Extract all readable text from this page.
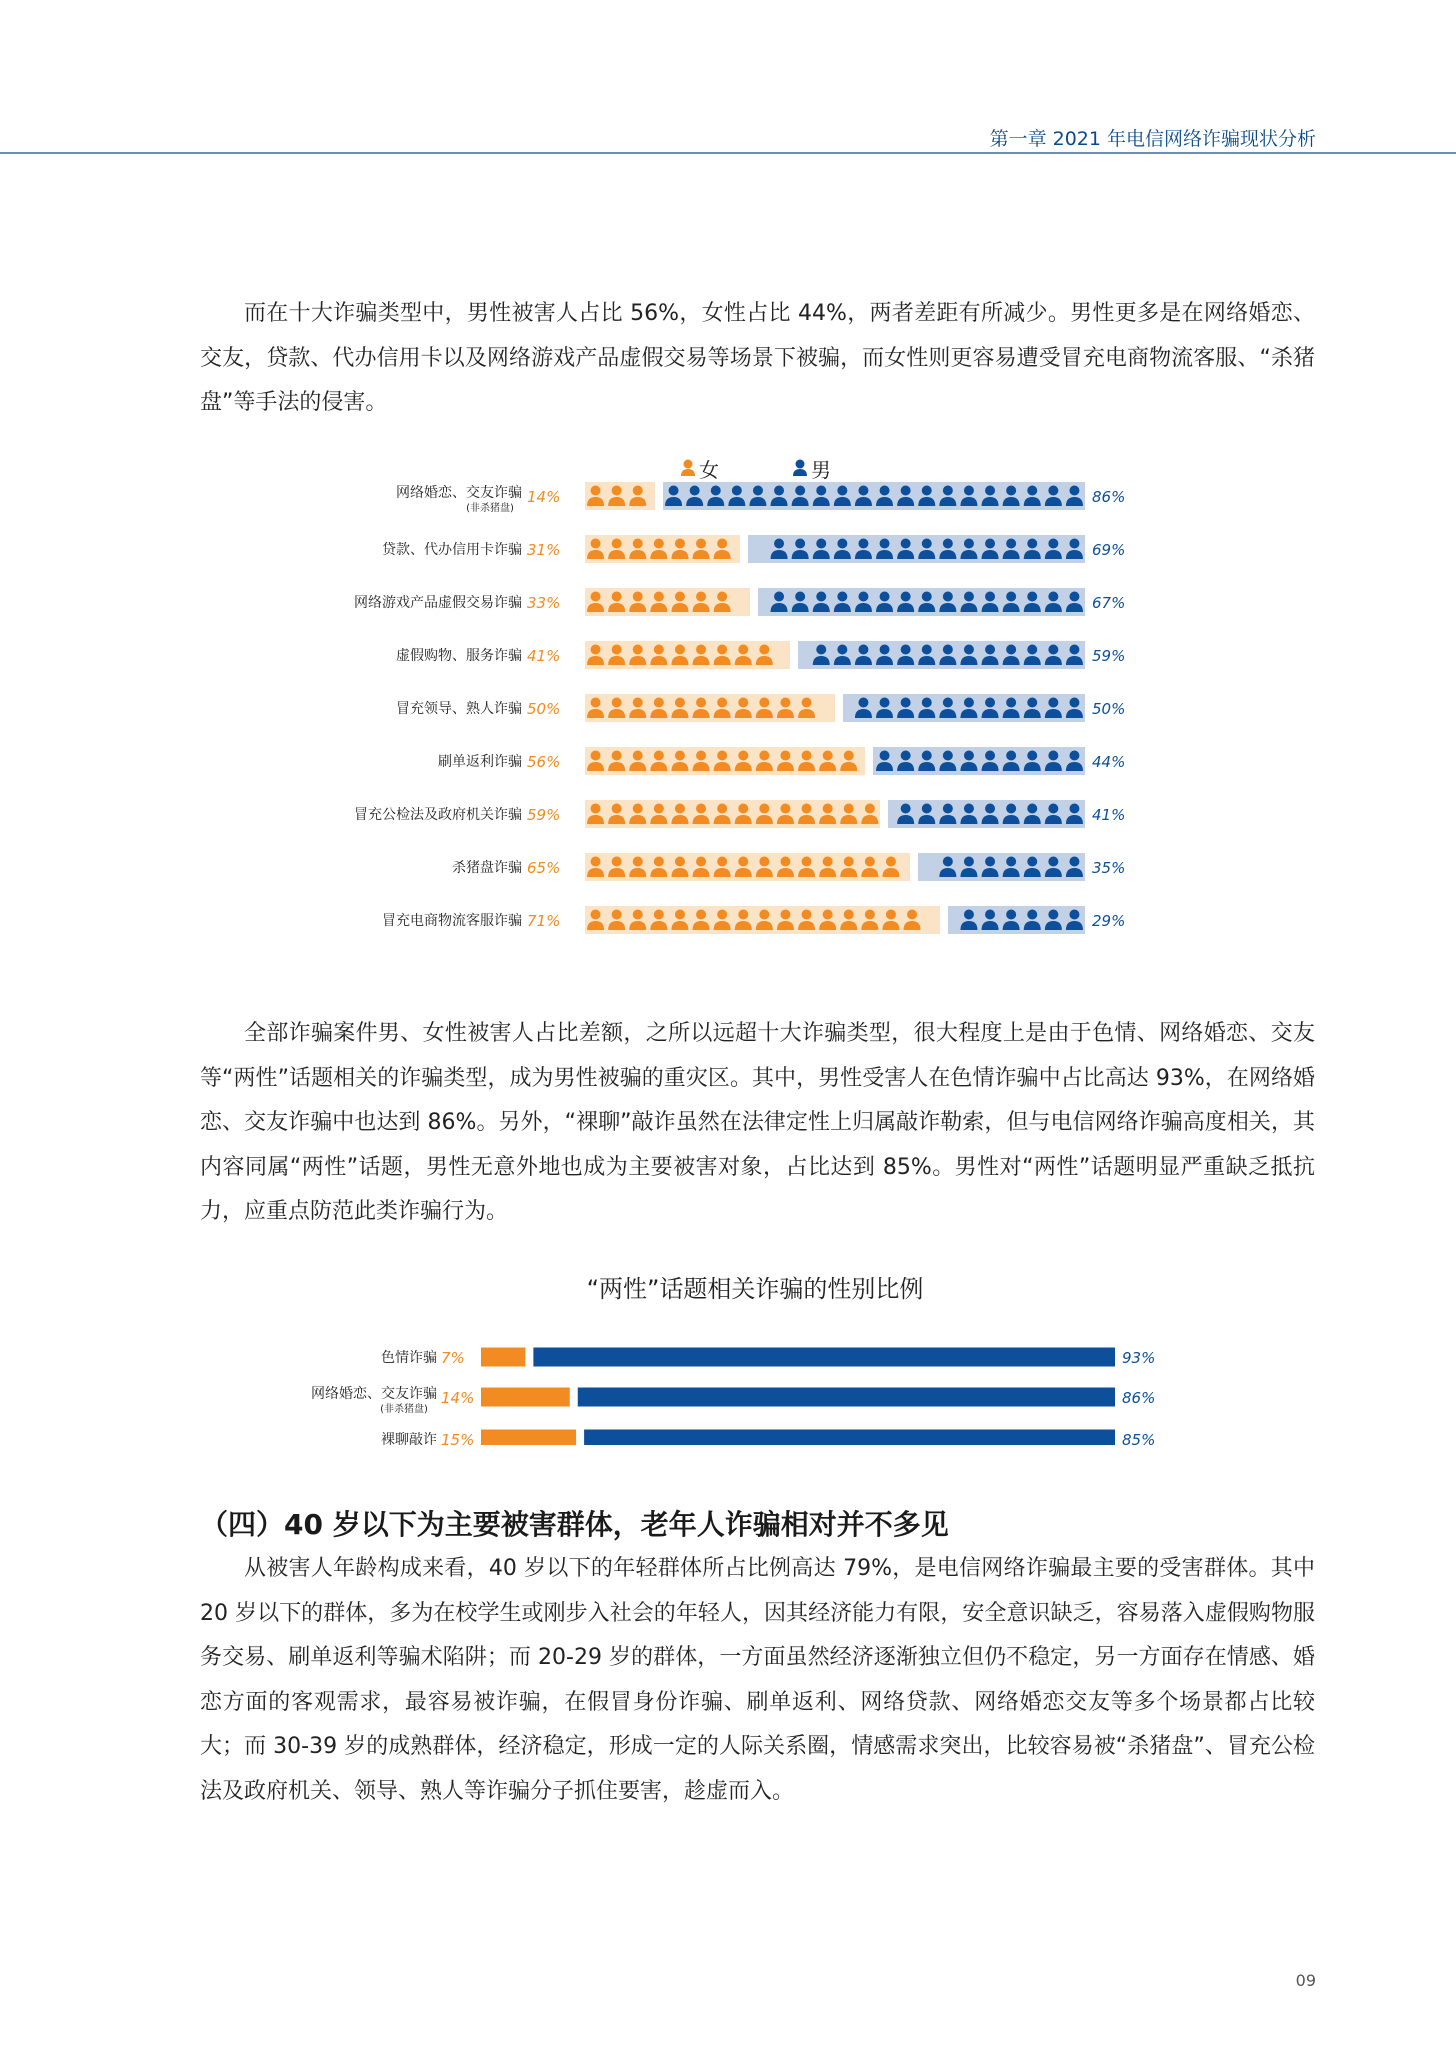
第一章 2021 年电信网络诈骗现状分析

而在十大诈骗类型中，男性被害人占比 56%，女性占比 44%，两者差距有所减少。男性更多是在网络婚恋、交友，贷款、代办信用卡以及网络游戏产品虚假交易等场景下被骗，而女性则更容易遭受冒充电商物流客服、“杀猪盘”等手法的侵害。

女	男
网络婚恋、交友诈骗
(非杀猪盘)
14%	86%
贷款、代办信用卡诈骗 31%	69%
网络游戏产品虚假交易诈骗 33%	67%
虚假购物、服务诈骗 41%	59%
冒充领导、熟人诈骗 50%	50%
刷单返利诈骗 56%	44%
冒充公检法及政府机关诈骗 59%	41%
杀猪盘诈骗 65%	35%
冒充电商物流客服诈骗 71%	29%

全部诈骗案件男、女性被害人占比差额，之所以远超十大诈骗类型，很大程度上是由于色情、网络婚恋、交友等“两性”话题相关的诈骗类型，成为男性被骗的重灾区。其中，男性受害人在色情诈骗中占比高达 93%，在网络婚恋、交友诈骗中也达到 86%。另外，“裸聊”敲诈虽然在法律定性上归属敲诈勒索，但与电信网络诈骗高度相关，其内容同属“两性”话题，男性无意外地也成为主要被害对象，占比达到 85%。男性对“两性”话题明显严重缺乏抵抗力，应重点防范此类诈骗行为。

“两性”话题相关诈骗的性别比例
色情诈骗 7%	93%
网络婚恋、交友诈骗
(非杀猪盘)
14%	86%
裸聊敲诈 15%	85%
（四）40 岁以下为主要被害群体，老年人诈骗相对并不多见

从被害人年龄构成来看，40 岁以下的年轻群体所占比例高达 79%，是电信网络诈骗最主要的受害群体。其中 20 岁以下的群体，多为在校学生或刚步入社会的年轻人，因其经济能力有限，安全意识缺乏，容易落入虚假购物服务交易、刷单返利等骗术陷阱；而 20-29 岁的群体，一方面虽然经济逐渐独立但仍不稳定，另一方面存在情感、婚恋方面的客观需求，最容易被诈骗，在假冒身份诈骗、刷单返利、网络贷款、网络婚恋交友等多个场景都占比较大；而 30-39 岁的成熟群体，经济稳定，形成一定的人际关系圈，情感需求突出，比较容易被“杀猪盘”、冒充公检法及政府机关、领导、熟人等诈骗分子抓住要害，趁虚而入。

09
